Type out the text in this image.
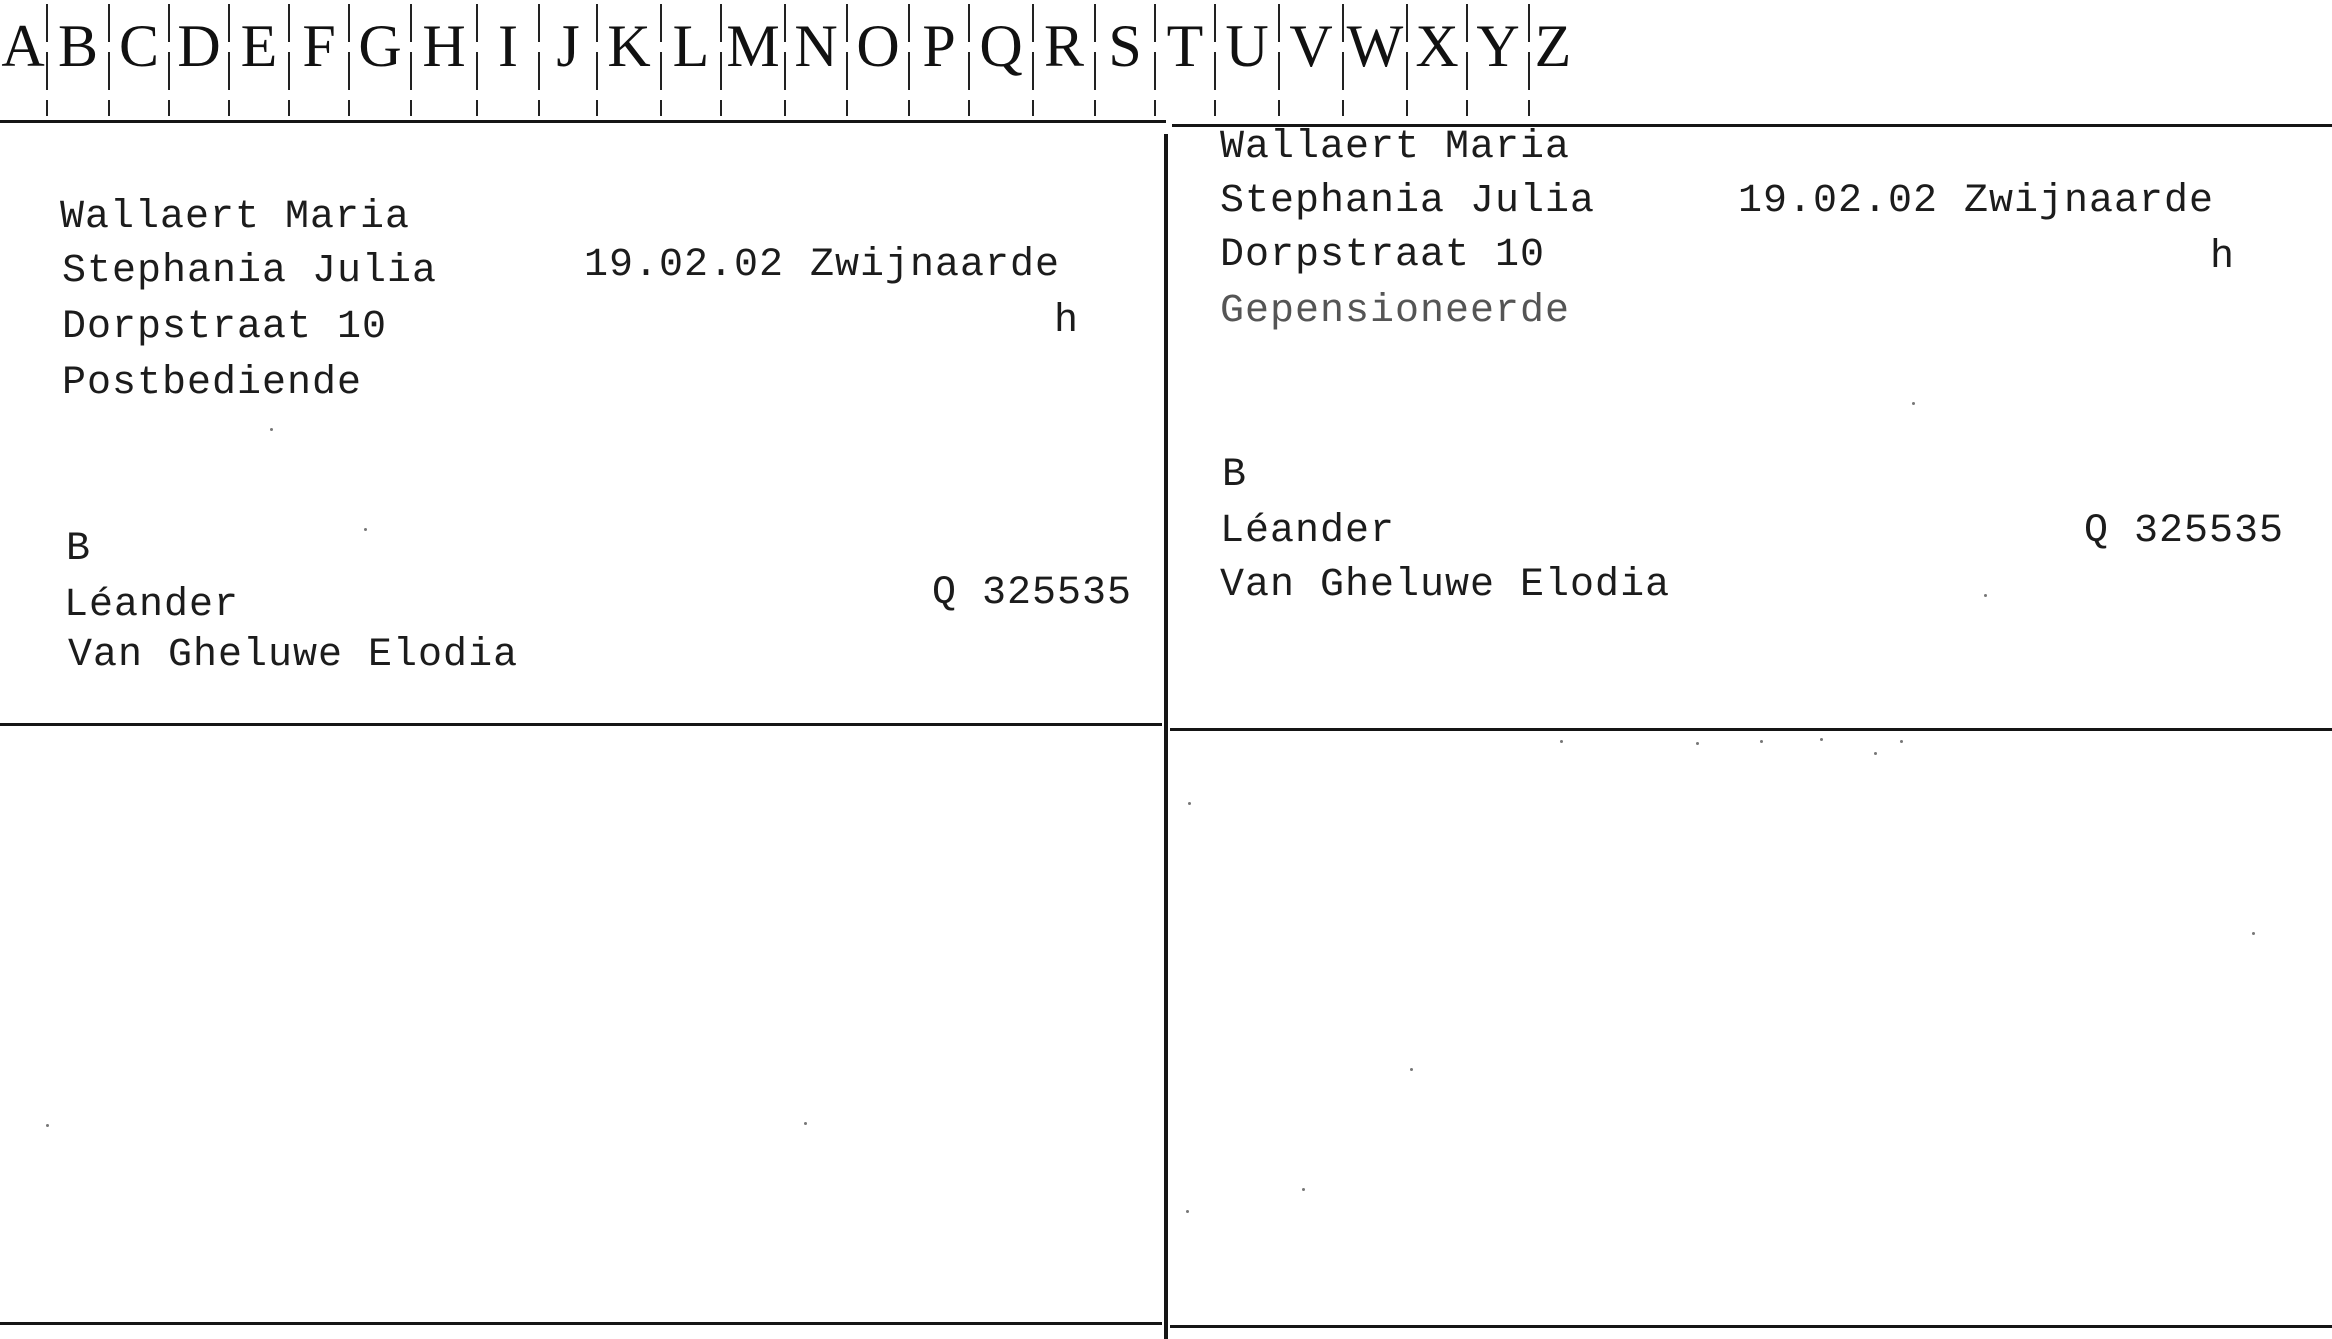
A B C D E F G H I J K L M N O P Q R S T U V W X Y Z
Wallaert Maria
Stephania Julia	19.02.02 Zwijnaarde
Dorpstraat 10	h
Postbediende
B
Léander	Q 325535
Van Gheluwe Elodia
Wallaert Maria
Stephania Julia	19.02.02 Zwijnaarde
Dorpstraat 10	h
Gepensioneerde
B
Léander	Q 325535
Van Gheluwe Elodia
